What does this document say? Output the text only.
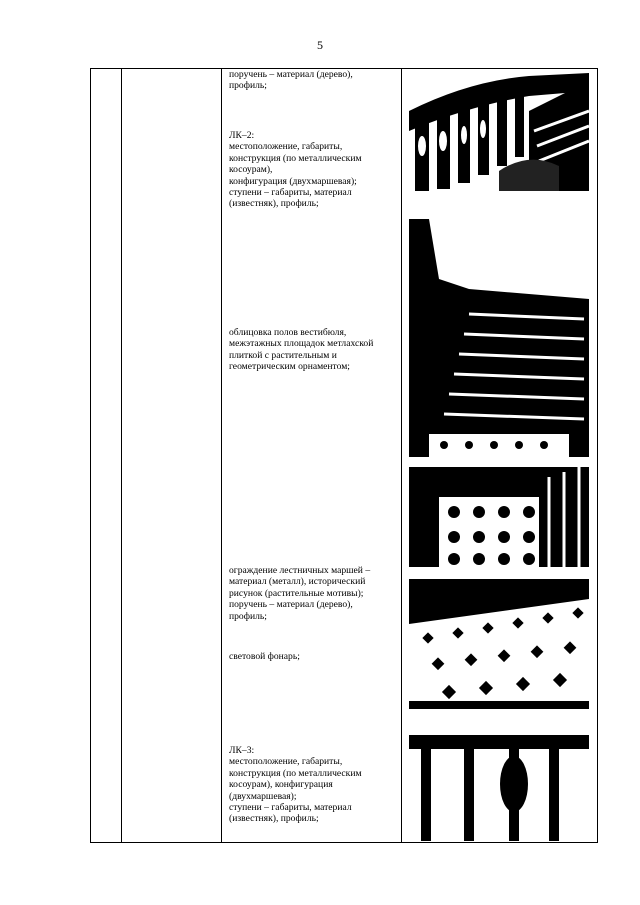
5
поручень – материал (дерево),
профиль;
ЛК–2:
местоположение, габариты,
конструкция (по металлическим
косоурам),
конфигурация (двухмаршевая);
ступени – габариты, материал
(известняк), профиль;
облицовка полов вестибюля,
межэтажных площадок метлахской
плиткой с растительным и
геометрическим орнаментом;
ограждение лестничных маршей –
материал (металл), исторический
рисунок (растительные мотивы);
поручень – материал (дерево),
профиль;
световой фонарь;
ЛК–3:
местоположение, габариты,
конструкция (по металлическим
косоурам), конфигурация
(двухмаршевая);
ступени – габариты, материал
(известняк), профиль;
